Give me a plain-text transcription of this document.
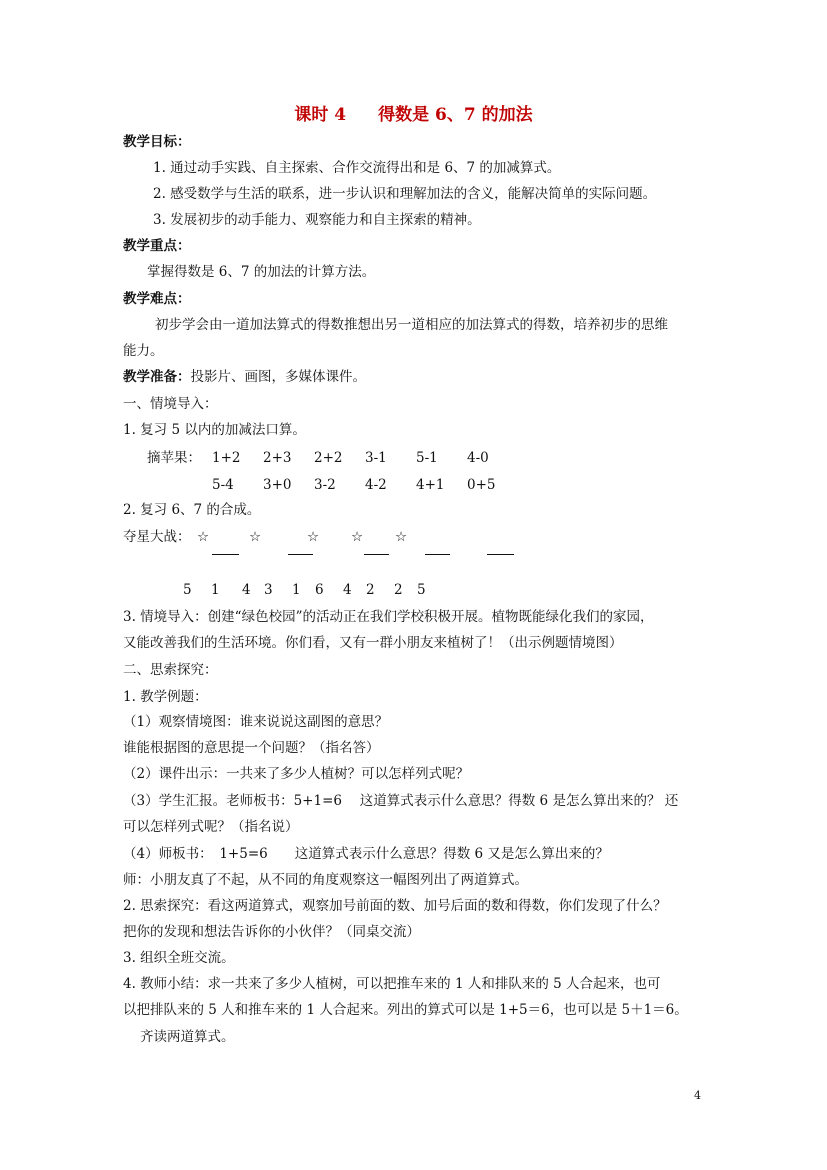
课时 4 得数是 6、7 的加法
教学目标：
1. 通过动手实践、自主探索、合作交流得出和是 6、7 的加减算式。
2. 感受数学与生活的联系，进一步认识和理解加法的含义，能解决简单的实际问题。
3. 发展初步的动手能力、观察能力和自主探索的精神。
教学重点：
掌握得数是 6、7 的加法的计算方法。
教学难点：
初步学会由一道加法算式的得数推想出另一道相应的加法算式的得数，培养初步的思维
能力。
教学准备：投影片、画图，多媒体课件。
一、情境导入：
1. 复习 5 以内的加减法口算。
摘苹果： 1+2 2+3 2+2 3-1 5-1 4-0
5-4 3+0 3-2 4-2 4+1 0+5
2. 复习 6、7 的合成。
夺星大战： ☆	☆	☆ ☆ ☆
5 1 4 3 1 6 4 2 2 5
3. 情境导入：创建“绿色校园”的活动正在我们学校积极开展。植物既能绿化我们的家园，
又能改善我们的生活环境。你们看，又有一群小朋友来植树了！（出示例题情境图）
二、思索探究：
1. 教学例题：
（1）观察情境图：谁来说说这副图的意思？
谁能根据图的意思提一个问题？（指名答）
（2）课件出示：一共来了多少人植树？可以怎样列式呢？
（3）学生汇报。老师板书：5+1=6　 这道算式表示什么意思？得数 6 是怎么算出来的？ 还
可以怎样列式呢？（指名说）
（4）师板书：　1+5=6　　这道算式表示什么意思？得数 6 又是怎么算出来的？
师：小朋友真了不起，从不同的角度观察这一幅图列出了两道算式。
2. 思索探究：看这两道算式，观察加号前面的数、加号后面的数和得数，你们发现了什么？
把你的发现和想法告诉你的小伙伴？（同桌交流）
3. 组织全班交流。
4. 教师小结：求一共来了多少人植树，可以把推车来的 1 人和排队来的 5 人合起来，也可
以把排队来的 5 人和推车来的 1 人合起来。列出的算式可以是 1+5＝6，也可以是 5＋1＝6。
齐读两道算式。
4
